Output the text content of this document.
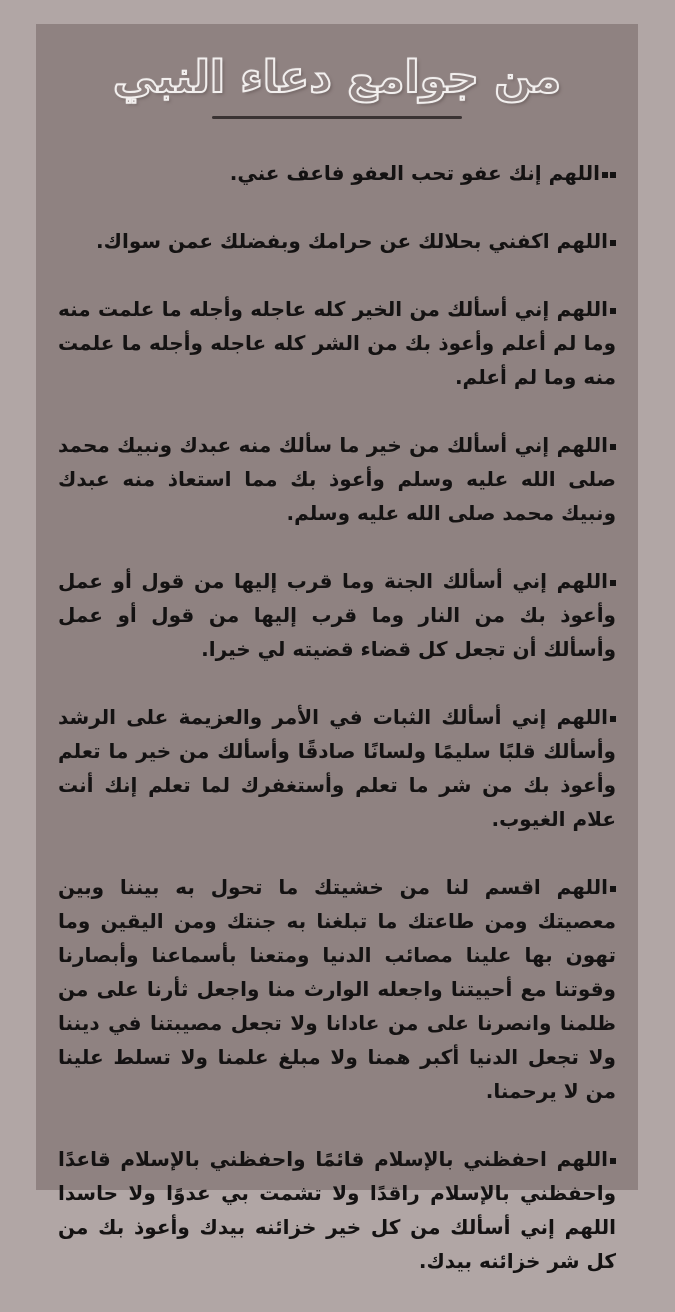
من جوامع دعاء النبي

اللهم إنك عفو تحب العفو فاعف عني.

اللهم اكفني بحلالك عن حرامك وبفضلك عمن سواك.

اللهم إني أسألك من الخير كله عاجله وأجله ما علمت منه وما لم أعلم وأعوذ بك من الشر كله عاجله وأجله ما علمت منه وما لم أعلم.

اللهم إني أسألك من خير ما سألك منه عبدك ونبيك محمد صلى الله عليه وسلم وأعوذ بك مما استعاذ منه عبدك ونبيك محمد صلى الله عليه وسلم.

اللهم إني أسألك الجنة وما قرب إليها من قول أو عمل وأعوذ بك من النار وما قرب إليها من قول أو عمل وأسألك أن تجعل كل قضاء قضيته لي خيرا.

اللهم إني أسألك الثبات في الأمر والعزيمة على الرشد وأسألك قلبًا سليمًا ولسانًا صادقًا وأسألك من خير ما تعلم وأعوذ بك من شر ما تعلم وأستغفرك لما تعلم إنك أنت علام الغيوب.

اللهم اقسم لنا من خشيتك ما تحول به بيننا وبين معصيتك ومن طاعتك ما تبلغنا به جنتك ومن اليقين وما تهون بها علينا مصائب الدنيا ومتعنا بأسماعنا وأبصارنا وقوتنا مع أحييتنا واجعله الوارث منا واجعل ثأرنا على من ظلمنا وانصرنا على من عادانا ولا تجعل مصيبتنا في ديننا ولا تجعل الدنيا أكبر همنا ولا مبلغ علمنا ولا تسلط علينا من لا يرحمنا.

اللهم احفظني بالإسلام قائمًا واحفظني بالإسلام قاعدًا واحفظني بالإسلام راقدًا ولا تشمت بي عدوًا ولا حاسدا اللهم إني أسألك من كل خير خزائنه بيدك وأعوذ بك من كل شر خزائنه بيدك.
